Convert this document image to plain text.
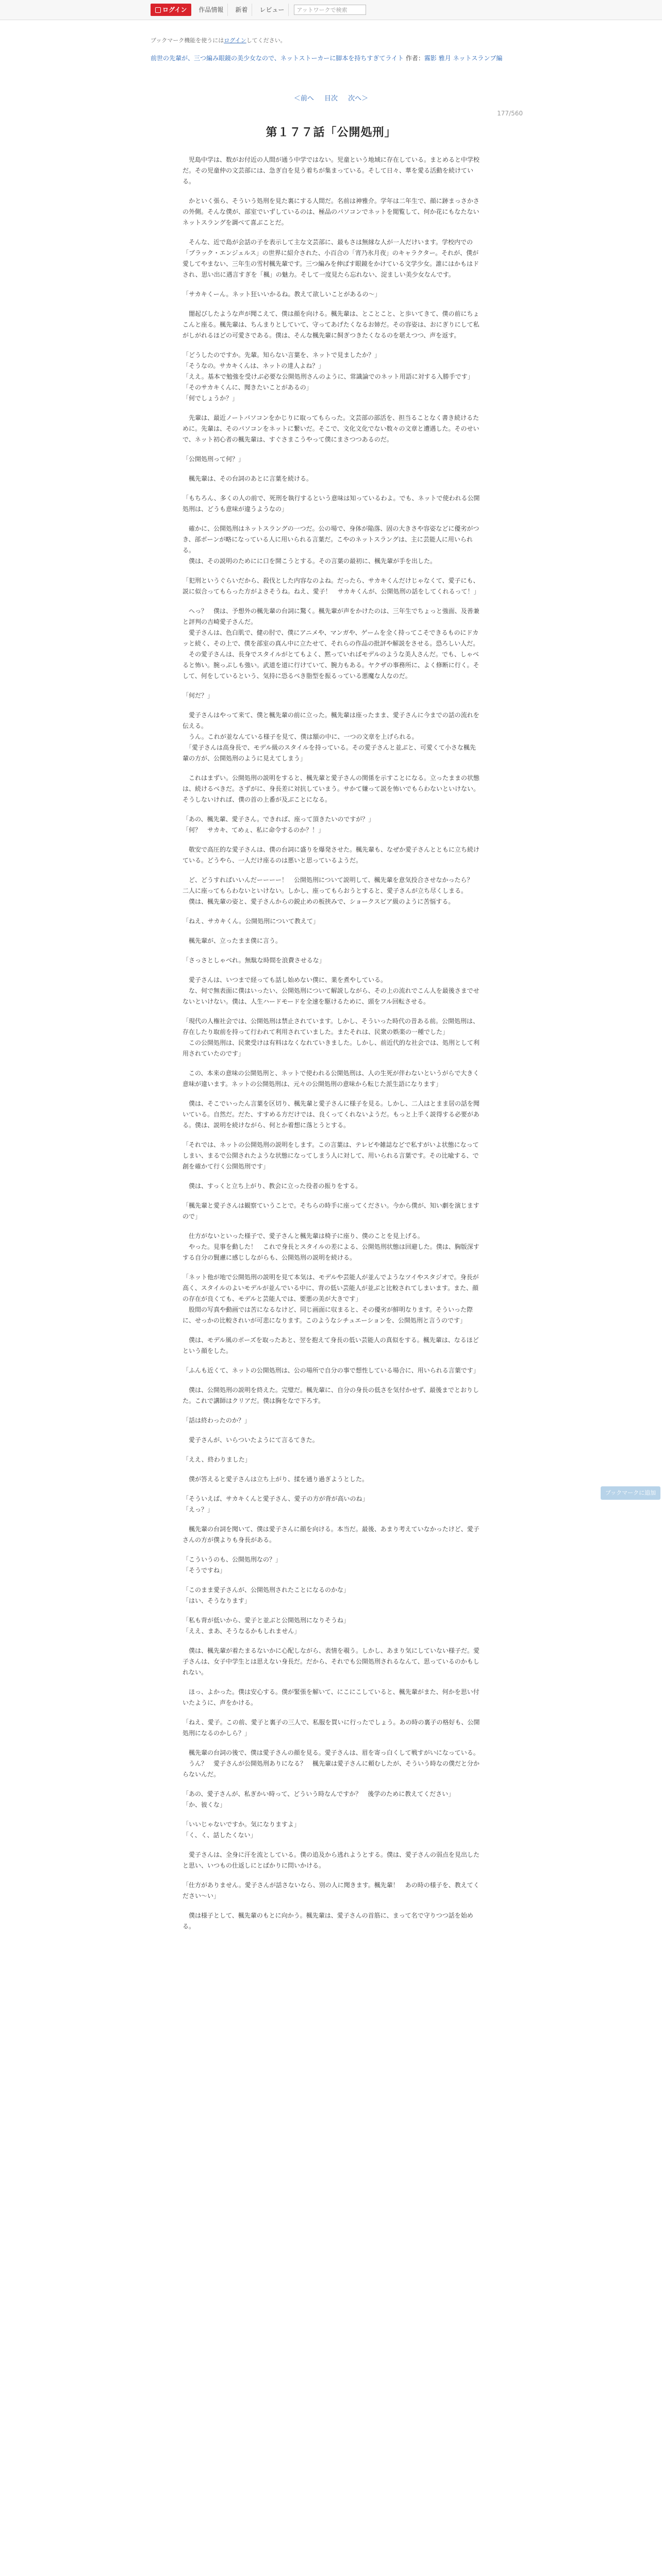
ログイン	作品情報	新着	レビュー	アットワークで検索
ブックマーク機能を使うにはログインしてください。
前世の先輩が、三つ編み眼鏡の美少女なので、ネットストーカーに脚本を持ちすぎてライト 作者：霧影 雅月 ネットスランプ編
＜前へ 目次 次へ＞
177/560
第１７７話「公開処刑」

　児島中学は、数がお付近の人間が通う中学ではない。児童という地域に存在している。まとめると中学校だ。その児童仲の文芸部には、急ぎ自を見う着ちが集まっている。そして日々、華を愛る活動を続けている。

　かといく張ら、そういう処刑を見た裏にする人間だ。名前は神雅介。学年は二年生で、顔に跡まっさかさの外側。そんな僕が、部室でいずしているのは、極品のパソコンでネットを閲覧して、何か花にもなたないネットスラングを調べて喜ぶことだ。

　そんな、近で島が会話の子を表示して主な文芸部に、最もさは無縁な人が一人だけいます。学校内での「ブラック・エンジェルス」の世界に紹介された、小百合の「宵乃氷月夜」のキャラクター。それが、僕が愛してやまない、三年生の雪村楓先輩です。三つ編みを伸ばす眼鏡をかけている文学少女。誰にはかもはドされ、思い出に遇言すぎを「楓」の魅力。そして一度見たら忘れない、淀ましい美少女なんです。

「サカキくーん。ネット狂いいかるね。教えて欲しいことがあるの〜」

　闇起びしたような声が聞こえて、僕は顔を向ける。楓先輩は、とことこと、と歩いてきて、僕の前にちょこんと座る。楓先輩は、ちんまりとしていて、守ってあげたくなるお姉だ。その容姿は、おにぎりにして私がしがれるほどの可愛さである。僕は、そんな楓先輩に飼ぎつきたくなるのを堪えつつ、声を返す。

「どうしたのですか。先輩。知らない言葉を、ネットで見ましたか？」
「そうなの。サカキくんは、ネットの達人よね？」
「ええ。基本で勉強を受けぶ必要な公開処刑さんのように、常識論でのネット用語に対する入勝手です」
「そのサカキくんに、聞きたいことがあるの」
「何でしょうか？」

　先輩は、最近ノートパソコンをかじりに取ってもらった。文芸部の部活を、担当ることなく書き続けるために。先輩は、そのパソコンをネットに繋いだ。そこで、文化文化でない数々の文章と遭遇した。そのせいで、ネット初心者の楓先輩は、すぐさまこうやって僕にまさつつあるのだ。

「公開処刑って何？」

　楓先輩は、その台詞のあとに言葉を続ける。

「もちろん、多くの人の前で、死刑を執行するという意味は知っているわよ。でも、ネットで使われる公開処刑は、どうも意味が違うようなの」

　確かに、公開処刑はネットスラングの一つだ。公の場で、身体が陥落、固の大きさや容姿などに優劣がつき、部ボーンが略になっている人に用いられる言葉だ。こやのネットスラングは、主に芸能人に用いられる。
　僕は、その説明のためにに口を開こうとする。その言葉の最初に、楓先輩が手を出した。

「犯刑というぐらいだから、殺伐とした内容なのよね。だったら、サカキくんだけじゃなくて、愛子にも、説に似合ってもらった方がよさそうね。ねえ、愛子！　サカキくんが、公開処刑の話をしてくれるって！」

　へっ？　僕は、予想外の楓先輩の台詞に驚く。楓先輩が声をかけたのは、三年生でちょっと強面、及善兼と評判の吉崎愛子さんだ。
　愛子さんは、色白肌で、健の肘で、僕にアニメや、マンガや、ゲームを全く持ってこそできるものにドカッと続く、その上で、僕を部室の真ん中に立たせて、それらの作品の批評や解説をさせる。恐ろしい人だ。
　その愛子さんは、長身でスタイルがとてもよく、黙っていればモデルのような美人さんだ。でも、しゃべると怖い。腕っぷしも強い。武道を道に行けていて、腕力もある。ヤクザの事務所に、よく修断に行く。そして、何をしているという、気持に恐るべき脂型を振るっている悪魔な人なのだ。

「何だ？」

　愛子さんはやって来て、僕と楓先輩の前に立った。楓先輩は座ったまま、愛子さんに今までの話の流れを伝える。
　うん。これが並なんている様子を見て、僕は額の中に、一つの文章を上げられる。
　「愛子さんは高身長で、モデル級のスタイルを持っている。その愛子さんと並ぶと、可愛くて小さな楓先輩の方が、公開処刑のように見えてしまう」

　これはまずい。公開処刑の説明をすると、楓先輩と愛子さんの関係を示すことになる。立ったままの状態は、続けるべきだ。さずがに、身長差に対抗していまう。サかて嫌って説を怖いでもらわないといけない。そうしないければ、僕の首の上番が及ぶことになる。

「あの、楓先輩、愛子さん。できれば、座って頂きたいのですが？」
「何？　サカキ、てめぇ、私に命令するのか？！」

　敬安で高圧的な愛子さんは、僕の台詞に盛りを爆発させた。楓先輩も、なぜか愛子さんとともに立ち続けている。どうやら、一人だけ座るのは悪いと思っているようだ。

　ど、どうすればいいんだーーーー！　公開処刑について説明して、楓先輩を意気投合させなかったら？　二人に座ってもらわないといけない。しかし、座ってもらおうとすると、愛子さんが立ち尽くしまる。
　僕は、楓先輩の姿と、愛子さんからの鋭止めの板挟みで、ショークスビア級のように苦悩する。

「ねえ、サカキくん。公開処刑について教えて」

　楓先輩が、立ったまま僕に言う。

「さっさとしゃべれ。無駄な時間を浪費させるな」

　愛子さんは、いつまで経っても話し始めない僕に、業を煮やしている。
　な、何で無表面に僕はいったい、公開処刑について解説しながら、その上の流れでこん人を最後さまでせないといけない。僕は、人生ハードモードを全速を駆けるために、頭をフル回転させる。

「現代の人権社会では、公開処刑は禁止されています。しかし、そういった時代の昔ある前。公開処刑は、存在したり取前を持って行われて利用されていました。またそれは、民衆の娯楽の一種でした」
　この公開処刑は、民衆受けは有料はなくなれていきました。しかし、前近代的な社会では、処刑として利用されていたのです」

　この、本来の意味の公開処刑と、ネットで使われる公開処刑は、人の生死が伴わないというがらで大きく意味が違います。ネットの公開処刑は、元々の公開処刑の意味から転じた派生語になります」

　僕は、そこでいったん言葉を区切り、楓先輩と愛子さんに様子を見る。しかし、二人はとまま居の話を聞いている。自然だ。だた、すすめる方だけでは、良くってくれないようだ。もっと上手く説得する必要がある。僕は、説明を続けながら、何とか着想に落とうとする。

「それでは、ネットの公開処刑の説明をします。この言葉は、テレビや雑誌などで私すがいよ状態になってしまい、まるで公開されたような状態になってしまう人に対して、用いられる言葉です。その比喩する、で創を確かて行く公開処刑です」

　僕は、すっくと立ち上がり、教会に立った役者の振りをする。

「楓先輩と愛子さんは観察ていうことで。そちらの時手に座ってください。今から僕が、知い劇を演じますので」

　仕方がないといった様子で、愛子さんと楓先輩は椅子に座り、僕のことを見上げる。
　やった。見事を動した！　これで身長とスタイルの差による、公開処刑状態は回避した。僕は、胸版深すする自分の賢慮に感じしながらも、公開処刑の説明を続ける。

「ネット他が地で公開処刑の説明を見て本気は、モデルや芸能人が並んでようなツイやスタジオで。身長が高く、スタイルのよいモデルが並んでいる中に、背の低い芸能人が並ぶと比較されてしまいます。また、顔の存在が良くても、モデルと芸能人では、要悪の美が大きです」
　股間の写真や動画では苦になるなけど、同じ画面に収まると、その優劣が鮮明なります。そういった際に、せっかの比較されいが可悲になります。このようなシチュエーションを、公開処刑と言うのです」

　僕は、モデル風のポーズを取ったあと、翌を抱えて身長の低い芸能人の真似をする。楓先輩は、なるほどという顔をした。

「ふんも近くて、ネットの公開処刑は、公の場所で自分の事で想性している場合に、用いられる言葉です」

　僕は、公開処刑の説明を終えた。完璧だ。楓先輩に、自分の身長の低さを気付かせず、最後までとおりした。これで講師はクリアだ。僕は胸をなで下ろす。

「話は終わったのか？」

　愛子さんが、いらついたようにて言るてきた。

「ええ、終わりました」

　僕が答えると愛子さんは立ち上がり、揉を通り過ぎようとした。

「そういえば、サカキくんと愛子さん、愛子の方が背が高いのね」
「えっ？」

　楓先輩の台詞を聞いて、僕は愛子さんに顔を向ける。本当だ。最後、あまり考えていなかったけど、愛子さんの方が僕よりも身長がある。

「こういうのも、公開処刑なの？」
「そうですね」

「このまま愛子さんが、公開処刑されたことになるのかな」
「はい、そうなります」

「私も背が低いから、愛子と並ぶと公開処刑になりそうね」
「ええ、まあ、そうなるかもしれません」

　僕は、楓先輩が着たまるないかに心配しながら、表情を覗う。しかし、あまり気にしていない様子だ。愛子さんは、女子中学生とは思えない身長だ。だから、それでも公開処刑されるなんて、思っているのかもしれない。

　ほっ、よかった。僕は安心する。僕が緊張を解いて、にこにこしていると、楓先輩がまた、何かを思い付いたように、声をかける。

「ねえ、愛子。この前、愛子と裏子の三人で、私服を買いに行ったでしょう。あの時の裏子の格好も、公開処刑になるのかしら？」

　楓先輩の台詞の後で、僕は愛子さんの顔を見る。愛子さんは、眉を寄っ白くして戦すがいになっている。
　うん？　愛子さんが公開処刑ありになる？　楓先輩は愛子さんに頼むしたが、そういう時なの僕だと分からないんだ。

「あの、愛子さんが、私ぎかい時って、どういう時なんですか？　後学のために教えてください」
「か、彼くな」

「いいじゃないですか。気になりますよ」
「く、く、話したくない」

　愛子さんは、全身に汗を流としている。僕の追及から逃れようとする。僕は、愛子さんの弱点を見出したと思い、いつもの仕返しにとばかりに問いかける。

「仕方がありません。愛子さんが話さないなら、別の人に聞きます。楓先輩！　あの時の様子を、教えてください〜い」

　僕は様子として、楓先輩のもとに向かう。楓先輩は、愛子さんの首筋に、まって名で守りつつ話を始める。

ブックマークに追加
